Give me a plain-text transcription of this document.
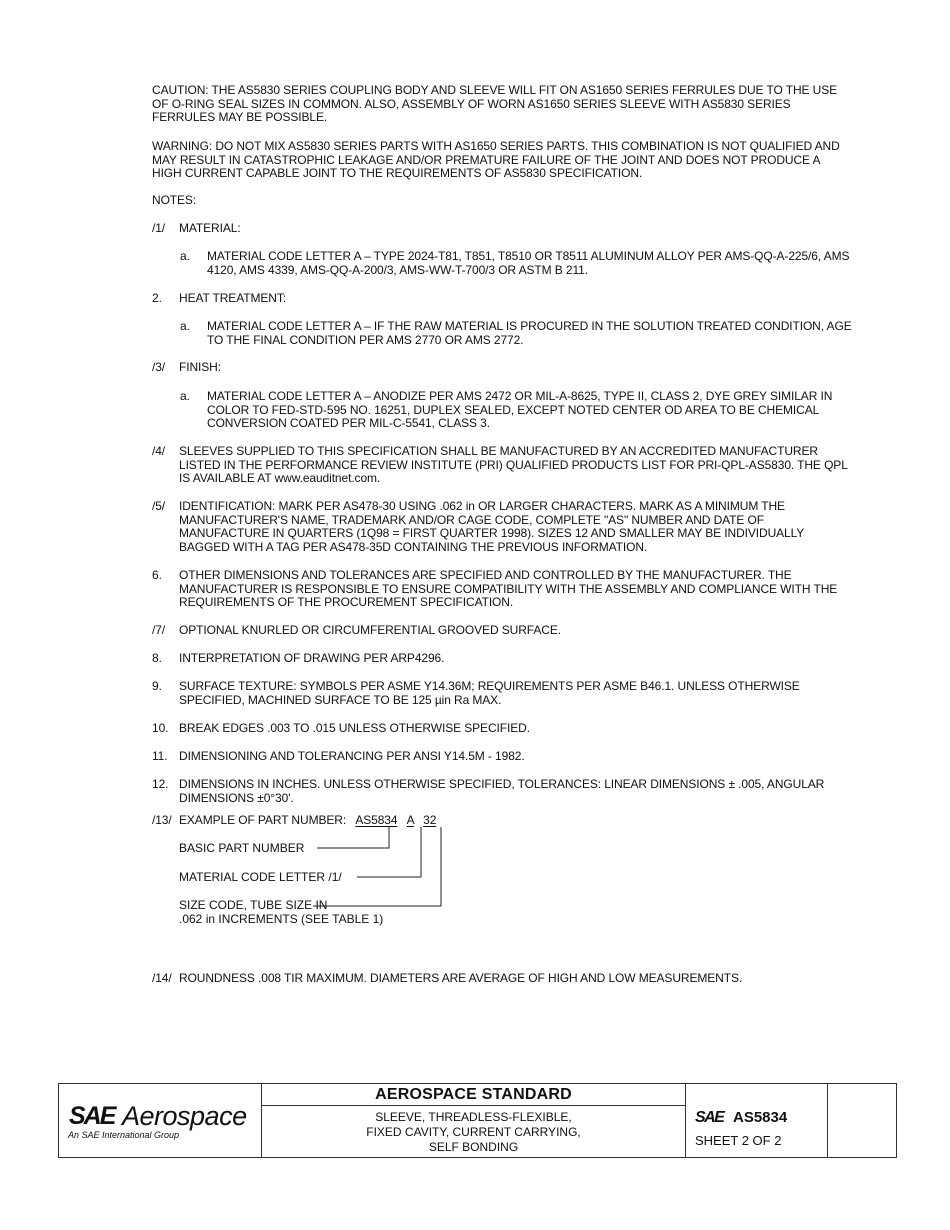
CAUTION: THE AS5830 SERIES COUPLING BODY AND SLEEVE WILL FIT ON AS1650 SERIES FERRULES DUE TO THE USE OF O-RING SEAL SIZES IN COMMON. ALSO, ASSEMBLY OF WORN AS1650 SERIES SLEEVE WITH AS5830 SERIES FERRULES MAY BE POSSIBLE.

WARNING: DO NOT MIX AS5830 SERIES PARTS WITH AS1650 SERIES PARTS. THIS COMBINATION IS NOT QUALIFIED AND MAY RESULT IN CATASTROPHIC LEAKAGE AND/OR PREMATURE FAILURE OF THE JOINT AND DOES NOT PRODUCE A HIGH CURRENT CAPABLE JOINT TO THE REQUIREMENTS OF AS5830 SPECIFICATION.

NOTES:

/1/	MATERIAL:
a.	MATERIAL CODE LETTER A – TYPE 2024-T81, T851, T8510 OR T8511 ALUMINUM ALLOY PER AMS-QQ-A-225/6, AMS 4120, AMS 4339, AMS-QQ-A-200/3, AMS-WW-T-700/3 OR ASTM B 211.
2.	HEAT TREATMENT:
a.	MATERIAL CODE LETTER A – IF THE RAW MATERIAL IS PROCURED IN THE SOLUTION TREATED CONDITION, AGE TO THE FINAL CONDITION PER AMS 2770 OR AMS 2772.
/3/	FINISH:
a.	MATERIAL CODE LETTER A – ANODIZE PER AMS 2472 OR MIL-A-8625, TYPE II, CLASS 2, DYE GREY SIMILAR IN COLOR TO FED-STD-595 NO. 16251, DUPLEX SEALED, EXCEPT NOTED CENTER OD AREA TO BE CHEMICAL CONVERSION COATED PER MIL-C-5541, CLASS 3.
/4/	SLEEVES SUPPLIED TO THIS SPECIFICATION SHALL BE MANUFACTURED BY AN ACCREDITED MANUFACTURER LISTED IN THE PERFORMANCE REVIEW INSTITUTE (PRI) QUALIFIED PRODUCTS LIST FOR PRI-QPL-AS5830. THE QPL IS AVAILABLE AT www.eauditnet.com.
/5/	IDENTIFICATION: MARK PER AS478-30 USING .062 in OR LARGER CHARACTERS. MARK AS A MINIMUM THE MANUFACTURER'S NAME, TRADEMARK AND/OR CAGE CODE, COMPLETE "AS" NUMBER AND DATE OF MANUFACTURE IN QUARTERS (1Q98 = FIRST QUARTER 1998). SIZES 12 AND SMALLER MAY BE INDIVIDUALLY BAGGED WITH A TAG PER AS478-35D CONTAINING THE PREVIOUS INFORMATION.
6.	OTHER DIMENSIONS AND TOLERANCES ARE SPECIFIED AND CONTROLLED BY THE MANUFACTURER. THE MANUFACTURER IS RESPONSIBLE TO ENSURE COMPATIBILITY WITH THE ASSEMBLY AND COMPLIANCE WITH THE REQUIREMENTS OF THE PROCUREMENT SPECIFICATION.
/7/	OPTIONAL KNURLED OR CIRCUMFERENTIAL GROOVED SURFACE.
8.	INTERPRETATION OF DRAWING PER ARP4296.
9.	SURFACE TEXTURE: SYMBOLS PER ASME Y14.36M; REQUIREMENTS PER ASME B46.1. UNLESS OTHERWISE SPECIFIED, MACHINED SURFACE TO BE 125 µin Ra MAX.
10. BREAK EDGES .003 TO .015 UNLESS OTHERWISE SPECIFIED.
11. DIMENSIONING AND TOLERANCING PER ANSI Y14.5M - 1982.
12. DIMENSIONS IN INCHES. UNLESS OTHERWISE SPECIFIED, TOLERANCES: LINEAR DIMENSIONS ± .005, ANGULAR DIMENSIONS ±0°30'.
/13/ EXAMPLE OF PART NUMBER: AS5834 A 32
BASIC PART NUMBER
MATERIAL CODE LETTER /1/
SIZE CODE, TUBE SIZE IN
.062 in INCREMENTS (SEE TABLE 1)
/14/ ROUNDNESS .008 TIR MAXIMUM. DIAMETERS ARE AVERAGE OF HIGH AND LOW MEASUREMENTS.
SAE Aerospace
An SAE International Group
AEROSPACE STANDARD
SLEEVE, THREADLESS-FLEXIBLE,
FIXED CAVITY, CURRENT CARRYING,
SELF BONDING
SAE AS5834
SHEET 2 OF 2
